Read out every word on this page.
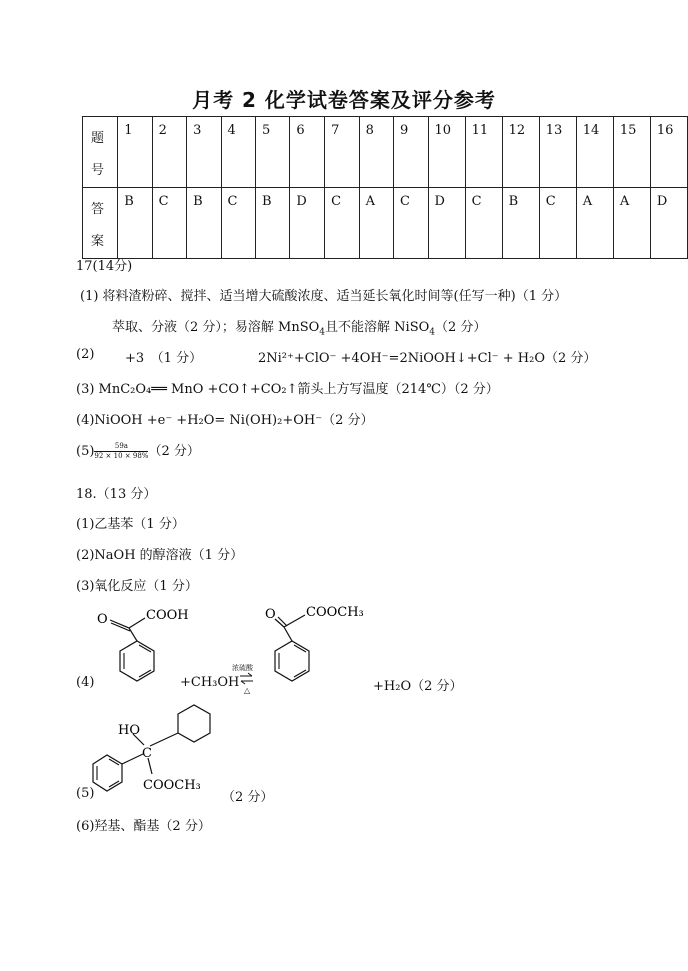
月考 2 化学试卷答案及评分参考
题号	1	2	3	4	5	6	7	8	9	10	11	12	13	14	15	16
答案	B	C	B	C	B	D	C	A	C	D	C	B	C	A	A	D
17(14分)
(1) 将料渣粉碎、搅拌、适当增大硫酸浓度、适当延长氧化时间等(任写一种)（1 分）
萃取、分液（2 分）；易溶解 MnSO$_4$且不能溶解 NiSO$_4$（2 分）
(2) +3　（1 分）	2Ni²⁺+ClO⁻ +4OH⁻=2NiOOH↓+Cl⁻ + H₂O（2 分）
(3) MnC₂O₄══ MnO +CO↑+CO₂↑箭头上方写温度（214℃）（2 分）
(4)NiOOH +e⁻ +H₂O= Ni(OH)₂+OH⁻（2 分）
$(5) \frac{59a}{92 \times 10 \times 98\%} (2$ 分）
18.（13 分）
(1)乙基苯（1 分）
(2)NaOH 的醇溶液（1 分）
(3)氧化反应（1 分）
(4)
O	COOH
+CH₃OH
浓硫酸
△
O COOCH₃
+H₂O（2 分）
(5)
HO
C
COOCH₃
（2 分）
(6)羟基、酯基（2 分）
